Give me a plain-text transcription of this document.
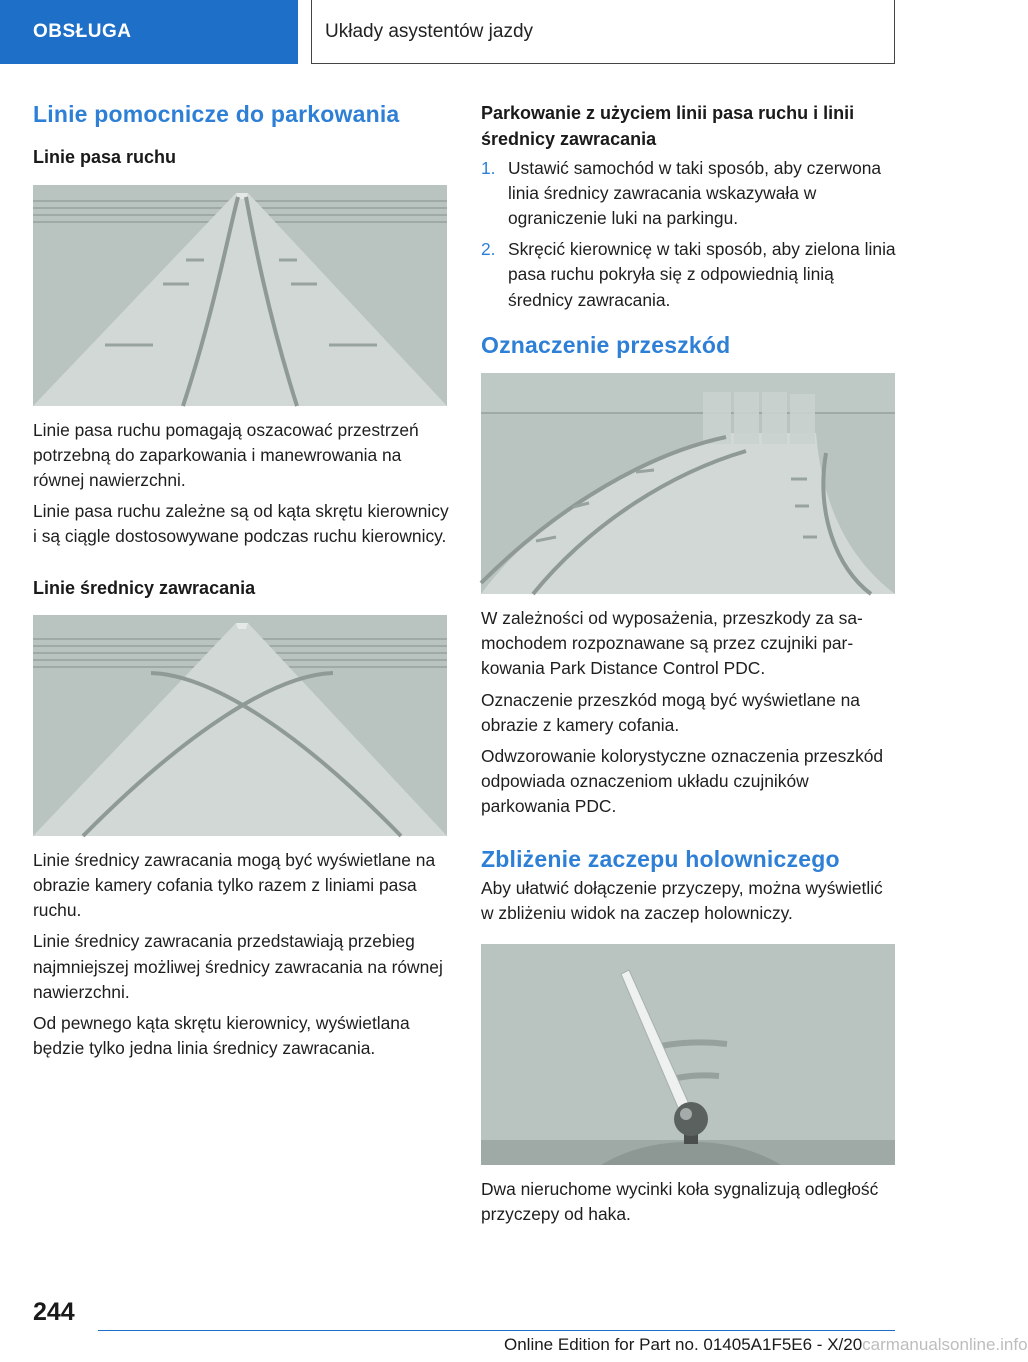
OBSŁUGA	Układy asystentów jazdy
Linie pomocnicze do parkowania
Linie pasa ruchu

Linie pasa ruchu pomagają oszacować przestrzeń potrzebną do zaparkowania i manewrowania na równej nawierzchni.

Linie pasa ruchu zależne są od kąta skrętu kierownicy i są ciągle dostosowywane podczas ruchu kierownicy.

Linie średnicy zawracania

Linie średnicy zawracania mogą być wyświetlane na obrazie kamery cofania tylko razem z liniami pasa ruchu.

Linie średnicy zawracania przedstawiają przebieg najmniejszej możliwej średnicy zawracania na równej nawierzchni.

Od pewnego kąta skrętu kierownicy, wyświetlana będzie tylko jedna linia średnicy zawracania.

Parkowanie z użyciem linii pasa ruchu i linii średnicy zawracania
1. Ustawić samochód w taki sposób, aby czerwona linia średnicy zawracania wskazywała w ograniczenie luki na parkingu.
2. Skręcić kierownicę w taki sposób, aby zielona linia pasa ruchu pokryła się z odpowiednią linią średnicy zawracania.
Oznaczenie przeszkód

W zależności od wyposażenia, przeszkody za samochodem rozpoznawane są przez czujniki parkowania Park Distance Control PDC.

Oznaczenie przeszkód mogą być wyświetlane na obrazie z kamery cofania.

Odwzorowanie kolorystyczne oznaczenia przeszkód odpowiada oznaczeniom układu czujników parkowania PDC.

Zbliżenie zaczepu holowniczego

Aby ułatwić dołączenie przyczepy, można wyświetlić w zbliżeniu widok na zaczep holowniczy.

Dwa nieruchome wycinki koła sygnalizują odległość przyczepy od haka.

244
Online Edition for Part no. 01405A1F5E6 - X/20carmanualsonline.info
